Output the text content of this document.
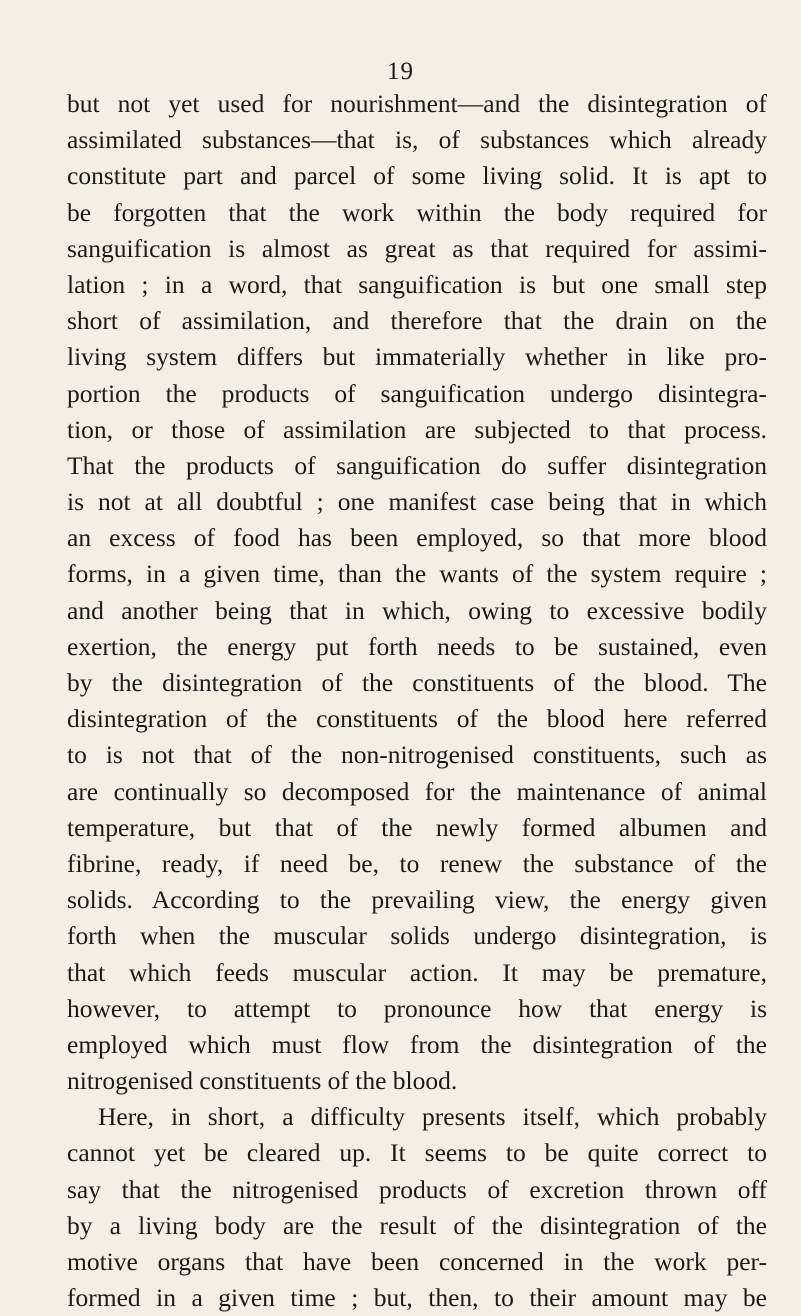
19
but not yet used for nourishment—and the disintegration of
assimilated substances—that is, of substances which already
constitute part and parcel of some living solid. It is apt to
be forgotten that the work within the body required for
sanguification is almost as great as that required for assimi-
lation ; in a word, that sanguification is but one small step
short of assimilation, and therefore that the drain on the
living system differs but immaterially whether in like pro-
portion the products of sanguification undergo disintegra-
tion, or those of assimilation are subjected to that process.
That the products of sanguification do suffer disintegration
is not at all doubtful ; one manifest case being that in which
an excess of food has been employed, so that more blood
forms, in a given time, than the wants of the system require ;
and another being that in which, owing to excessive bodily
exertion, the energy put forth needs to be sustained, even
by the disintegration of the constituents of the blood. The
disintegration of the constituents of the blood here referred
to is not that of the non-nitrogenised constituents, such as
are continually so decomposed for the maintenance of animal
temperature, but that of the newly formed albumen and
fibrine, ready, if need be, to renew the substance of the
solids. According to the prevailing view, the energy given
forth when the muscular solids undergo disintegration, is
that which feeds muscular action. It may be premature,
however, to attempt to pronounce how that energy is
employed which must flow from the disintegration of the
nitrogenised constituents of the blood.
Here, in short, a difficulty presents itself, which probably
cannot yet be cleared up. It seems to be quite correct to
say that the nitrogenised products of excretion thrown off
by a living body are the result of the disintegration of the
motive organs that have been concerned in the work per-
formed in a given time ; but, then, to their amount may be
